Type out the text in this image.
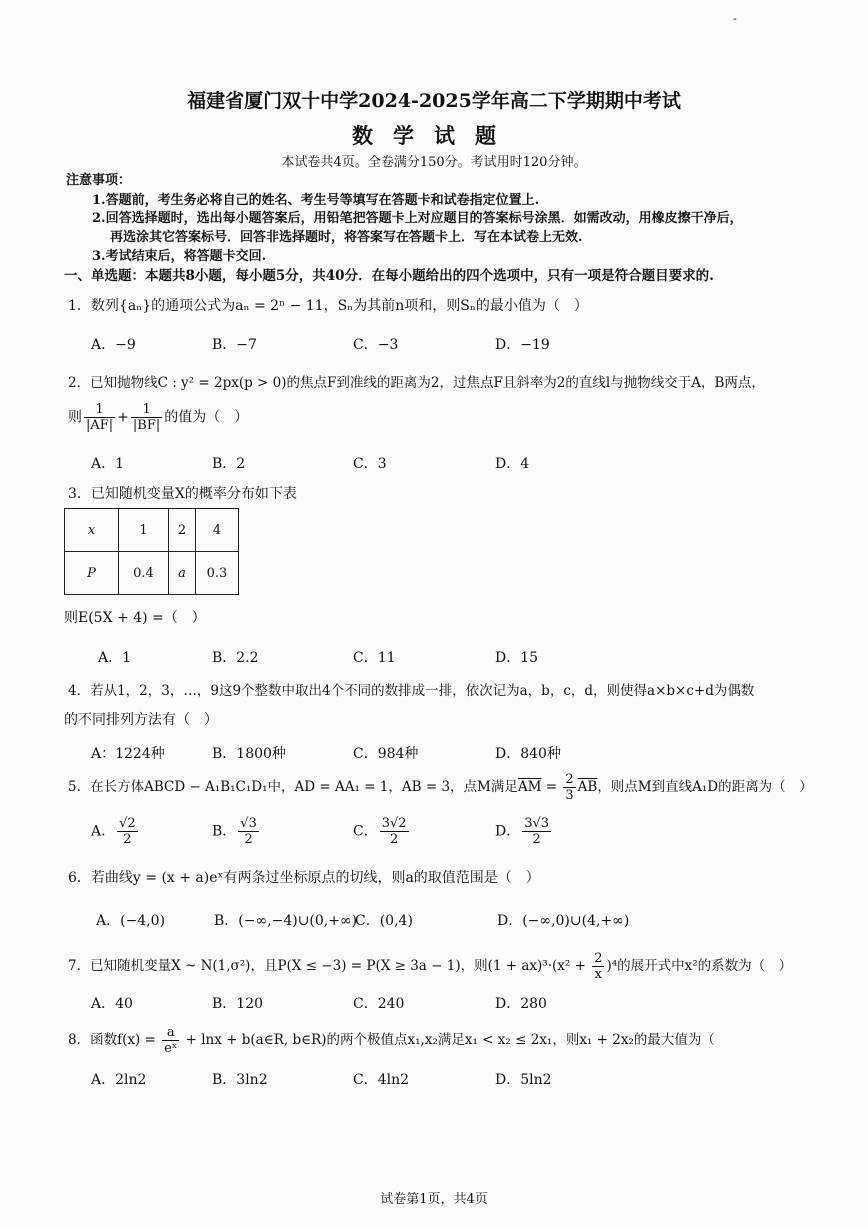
-
福建省厦门双十中学2024-2025学年高二下学期期中考试
数学试题
本试卷共4页。全卷满分150分。考试用时120分钟。
注意事项：
1.答题前，考生务必将自己的姓名、考生号等填写在答题卡和试卷指定位置上.
2.回答选择题时，选出每小题答案后，用铅笔把答题卡上对应题目的答案标号涂黑．如需改动，用橡皮擦干净后，
再选涂其它答案标号．回答非选择题时，将答案写在答题卡上．写在本试卷上无效.
3.考试结束后，将答题卡交回.
一、单选题：本题共8小题，每小题5分，共40分．在每小题给出的四个选项中，只有一项是符合题目要求的.
1．数列{aₙ}的通项公式为aₙ = 2ⁿ − 11，Sₙ为其前n项和，则Sₙ的最小值为（　）
A．−9	B．−7	C．−3	D．−19
2．已知抛物线C : y² = 2px(p > 0)的焦点F到准线的距离为2，过焦点F且斜率为2的直线l与抛物线交于A，B两点，
则 $\frac{1}{|AF|} + \frac{1}{|BF|}$ 的值为（　）
A．1	B．2	C．3	D．4
3．已知随机变量X的概率分布如下表
x	1	2	4
P	0.4	a	0.3
则E(5X + 4) =（　）
A．1	B．2.2	C．11	D．15
4．若从1，2，3，…，9这9个整数中取出4个不同的数排成一排，依次记为a，b，c，d，则使得a×b×c+d为偶数
的不同排列方法有（　）
A：1224种	B．1800种	C．984种	D．840种
5．在长方体ABCD − A₁B₁C₁D₁中，AD = AA₁ = 1，AB = 3，点M满足$\overline{AM} = \frac{2}{3} \overline{AB}$，则点M到直线A₁D的距离为（　）
A． $\frac{√2}{2}$	B． $\frac{√3}{2}$	C． $\frac{3√2}{2}$	D． $\frac{3√3}{2}$
6．若曲线y = (x + a)eˣ有两条过坐标原点的切线，则a的取值范围是（　）
A．(−4,0)	B．(−∞,−4)∪(0,+∞)
C．(0,4)	D．(−∞,0)∪(4,+∞)
7．已知随机变量X ~ N(1,σ²)，且P(X ≤ −3) = P(X ≥ 3a − 1)，则$(1 + ax)^3\cdot(x^2 + \frac{2}{x} )^4$的展开式中x²的系数为（　）
A．40	B．120	C．240	D．280
8．函数$f(x) = \frac{a}{\text{eˣ}} + \ln x$ + b(a∈R, b∈R)的两个极值点x₁,x₂满足x₁ < x₂ ≤ 2x₁，则x₁ + 2x₂的最大值为（
A．2ln2	B．3ln2	C．4ln2	D．5ln2
试卷第1页，共4页
